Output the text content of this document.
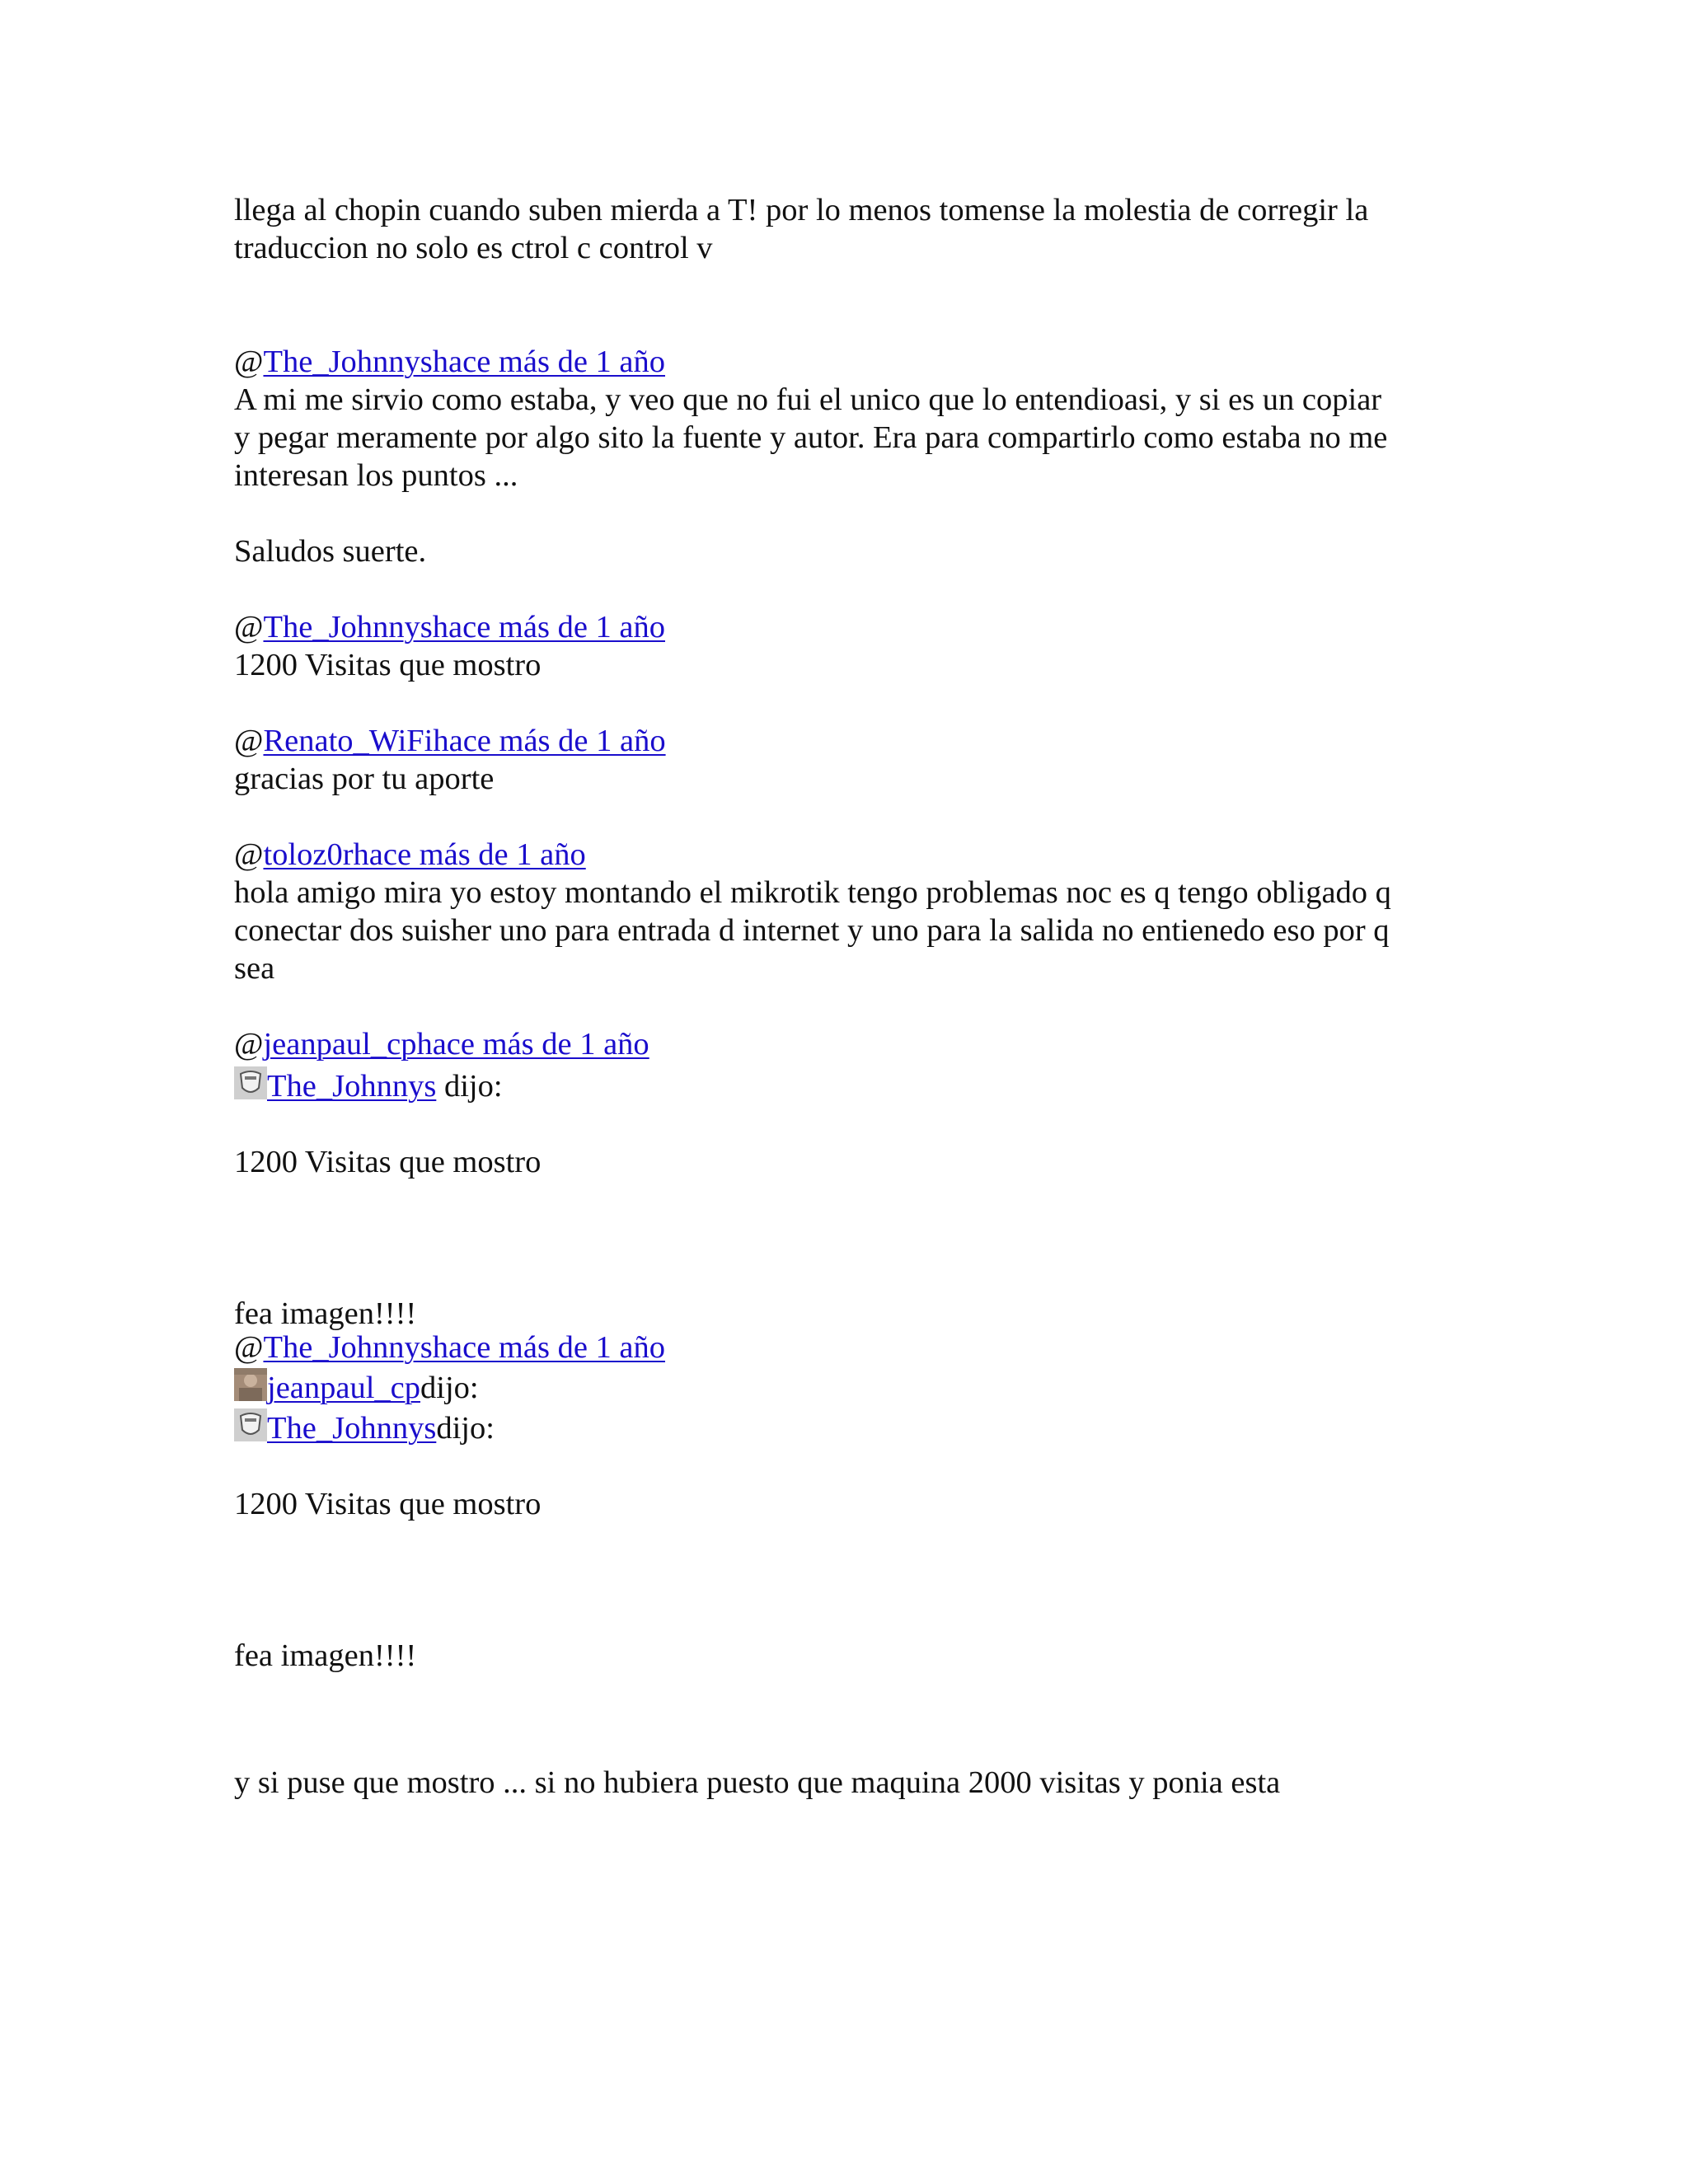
llega al chopin cuando suben mierda a T! por lo menos tomense la molestia de corregir la
traduccion no solo es ctrol c control v
@The_Johnnyshace más de 1 año
A mi me sirvio como estaba, y veo que no fui el unico que lo entendioasi, y si es un copiar
y pegar meramente por algo sito la fuente y autor. Era para compartirlo como estaba no me
interesan los puntos ...
Saludos suerte.
@The_Johnnyshace más de 1 año
1200 Visitas que mostro
@Renato_WiFihace más de 1 año
gracias por tu aporte
@toloz0rhace más de 1 año
hola amigo mira yo estoy montando el mikrotik tengo problemas noc es q tengo obligado q
conectar dos suisher uno para entrada d internet y uno para la salida no entienedo eso por q
sea
@jeanpaul_cphace más de 1 año
The_Johnnys dijo:
1200 Visitas que mostro
fea imagen!!!!
@The_Johnnyshace más de 1 año
jeanpaul_cpdijo:
The_Johnnysdijo:
1200 Visitas que mostro
fea imagen!!!!
y si puse que mostro ... si no hubiera puesto que maquina 2000 visitas y ponia esta
